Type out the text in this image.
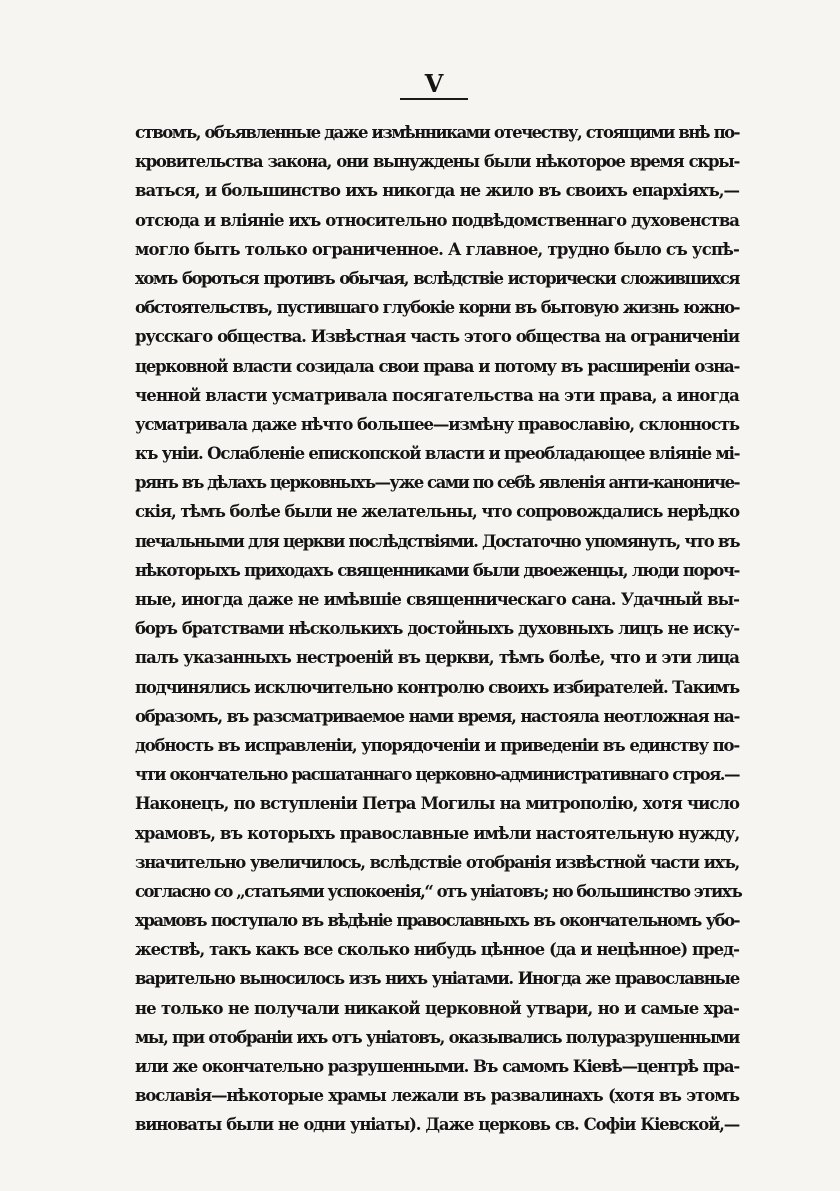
V
ствомъ, объявленные даже измѣнниками отечеству, стоящими внѣ по-
кровительства закона, они вынуждены были нѣкоторое время скры-
ваться, и большинство ихъ никогда не жило въ своихъ епархіяхъ,—
отсюда и вліяніе ихъ относительно подвѣдомственнаго духовенства
могло быть только ограниченное. А главное, трудно было съ успѣ-
хомъ бороться противъ обычая, вслѣдствіе исторически сложившихся
обстоятельствъ, пустившаго глубокіе корни въ бытовую жизнь южно-
русскаго общества. Извѣстная часть этого общества на ограниченіи
церковной власти созидала свои права и потому въ расширеніи озна-
ченной власти усматривала посягательства на эти права, а иногда
усматривала даже нѣчто большее—измѣну православію, склонность
къ уніи. Ослабленіе епископской власти и преобладающее вліяніе мі-
рянъ въ дѣлахъ церковныхъ—уже сами по себѣ явленія анти-канониче-
скія, тѣмъ болѣе были не желательны, что сопровождались нерѣдко
печальными для церкви послѣдствіями. Достаточно упомянуть, что въ
нѣкоторыхъ приходахъ священниками были двоеженцы, люди пороч-
ные, иногда даже не имѣвшіе священническаго сана. Удачный вы-
боръ братствами нѣсколькихъ достойныхъ духовныхъ лицъ не иску-
палъ указанныхъ нестроеній въ церкви, тѣмъ болѣе, что и эти лица
подчинялись исключительно контролю своихъ избирателей. Такимъ
образомъ, въ разсматриваемое нами время, настояла неотложная на-
добность въ исправленіи, упорядоченіи и приведеніи въ единству по-
чти окончательно расшатаннаго церковно-административнаго строя.—
Наконецъ, по вступленіи Петра Могилы на митрополію, хотя число
храмовъ, въ которыхъ православные имѣли настоятельную нужду,
значительно увеличилось, вслѣдствіе отобранія извѣстной части ихъ,
согласно со „статьями успокоенія,“ отъ уніатовъ; но большинство этихъ
храмовъ поступало въ вѣдѣніе православныхъ въ окончательномъ убо-
жествѣ, такъ какъ все сколько нибудь цѣнное (да и нецѣнное) пред-
варительно выносилось изъ нихъ уніатами. Иногда же православные
не только не получали никакой церковной утвари, но и самые хра-
мы, при отобраніи ихъ отъ уніатовъ, оказывались полуразрушенными
или же окончательно разрушенными. Въ самомъ Кіевѣ—центрѣ пра-
вославія—нѣкоторые храмы лежали въ развалинахъ (хотя въ этомъ
виноваты были не одни уніаты). Даже церковь св. Софіи Кіевской,—
